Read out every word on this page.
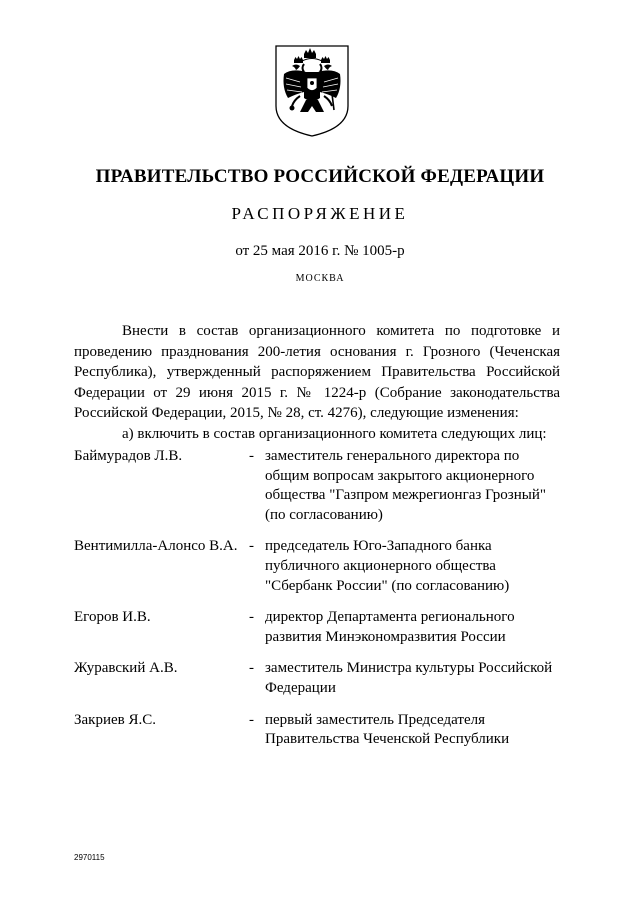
ПРАВИТЕЛЬСТВО РОССИЙСКОЙ ФЕДЕРАЦИИ
РАСПОРЯЖЕНИЕ
от 25 мая 2016 г. № 1005-р
МОСКВА

Внести в состав организационного комитета по подготовке и проведению празднования 200-летия основания г. Грозного (Чеченская Республика), утвержденный распоряжением Правительства Российской Федерации от 29 июня 2015 г. № 1224-р (Собрание законодательства Российской Федерации, 2015, № 28, ст. 4276), следующие изменения:

а) включить в состав организационного комитета следующих лиц:

Баймурадов Л.В.	- заместитель генерального директора по общим вопросам закрытого акционерного общества "Газпром межрегионгаз Грозный" (по согласованию)
Вентимилла-Алонсо В.А. - председатель Юго-Западного банка публичного акционерного общества "Сбербанк России" (по согласованию)
Егоров И.В.	- директор Департамента регионального развития Минэкономразвития России
Журавский А.В.	- заместитель Министра культуры Российской Федерации
Закриев Я.С.	- первый заместитель Председателя Правительства Чеченской Республики
2970115
